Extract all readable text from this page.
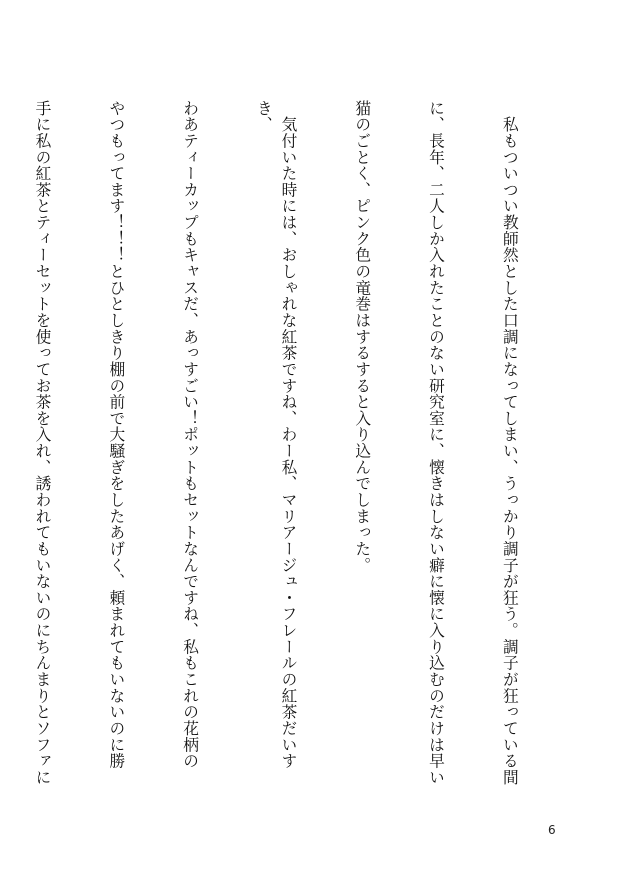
　私もついつい教師然とした口調になってしまい、うっかり調子が狂う。調子が狂っている間

に、長年、二人しか入れたことのない研究室に、懐きはしない癖に懐に入り込むのだけは早い

猫のごとく、ピンク色の竜巻はするすると入り込んでしまった。

　気付いた時には、おしゃれな紅茶ですね、わー私、マリアージュ・フレールの紅茶だいすき、

わあティーカップもキャスだ、あっすごい！ポットもセットなんですね、私もこれの花柄の

やつもってます！！！とひとしきり棚の前で大騒ぎをしたあげく、頼まれてもいないのに勝

手に私の紅茶とティーセットを使ってお茶を入れ、誘われてもいないのにちんまりとソファに

6
